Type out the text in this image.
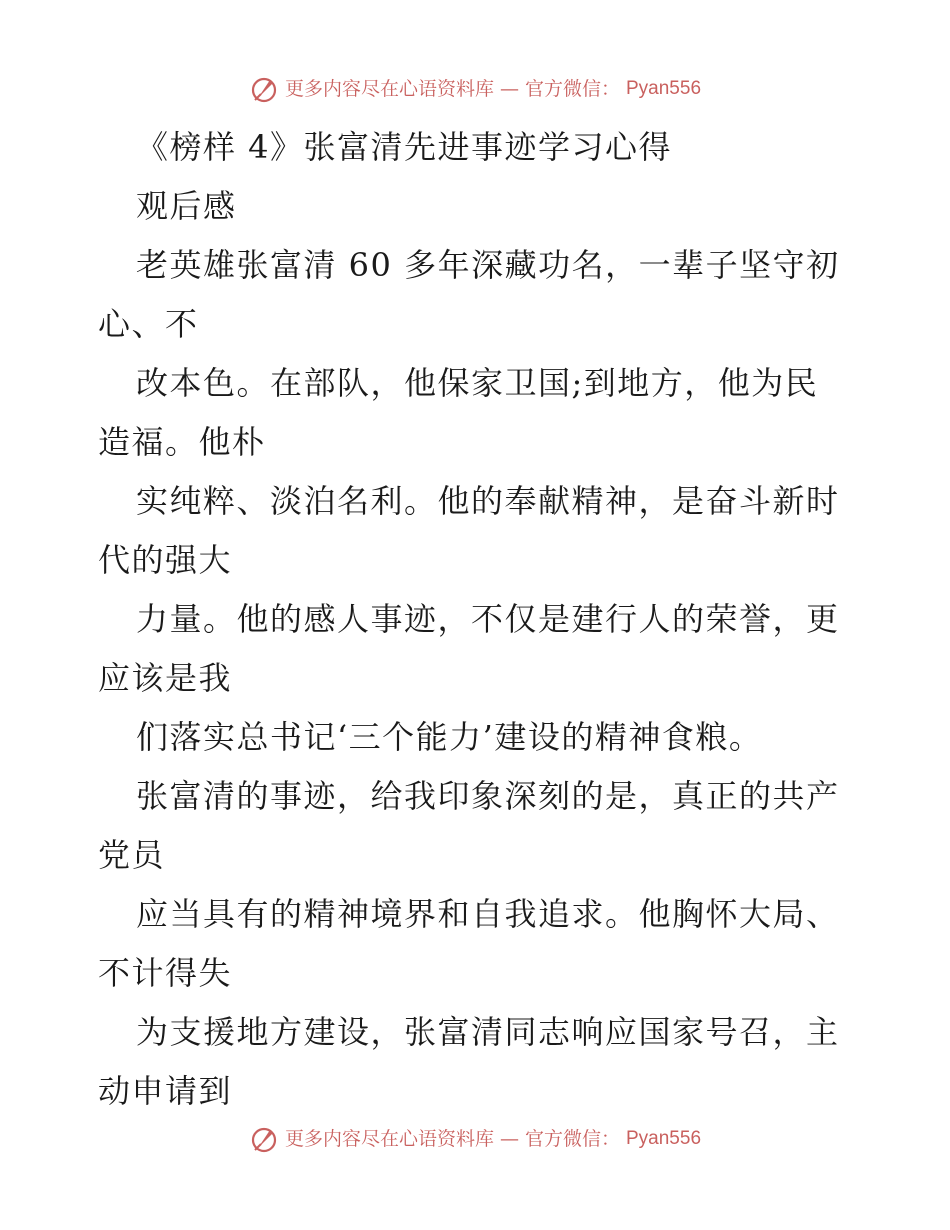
更多内容尽在心语资料库 — 官方微信： Pyan556
《榜样 4》张富清先进事迹学习心得
观后感
老英雄张富清 60 多年深藏功名，一辈子坚守初
心、不
改本色。在部队，他保家卫国;到地方，他为民
造福。他朴
实纯粹、淡泊名利。他的奉献精神，是奋斗新时
代的强大
力量。他的感人事迹，不仅是建行人的荣誉，更
应该是我
们落实总书记‘三个能力’建设的精神食粮。
张富清的事迹，给我印象深刻的是，真正的共产
党员
应当具有的精神境界和自我追求。他胸怀大局、
不计得失
为支援地方建设，张富清同志响应国家号召，主
动申请到
更多内容尽在心语资料库 — 官方微信： Pyan556
